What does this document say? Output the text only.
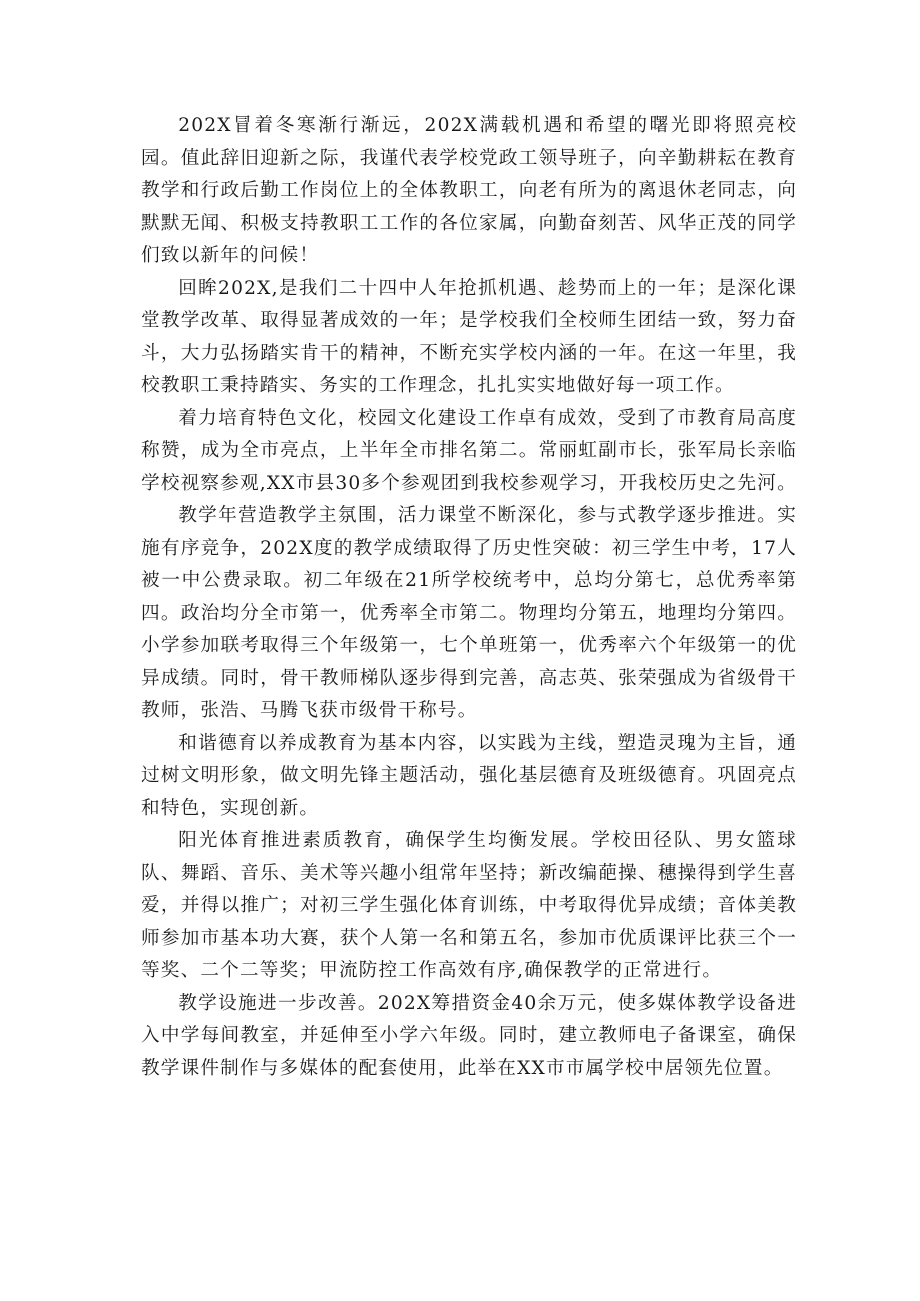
202X冒着冬寒渐行渐远，202X满载机遇和希望的曙光即将照亮校园。值此辞旧迎新之际，我谨代表学校党政工领导班子，向辛勤耕耘在教育教学和行政后勤工作岗位上的全体教职工，向老有所为的离退休老同志，向默默无闻、积极支持教职工工作的各位家属，向勤奋刻苦、风华正茂的同学们致以新年的问候！

回眸202X,是我们二十四中人年抢抓机遇、趁势而上的一年；是深化课堂教学改革、取得显著成效的一年；是学校我们全校师生团结一致，努力奋斗，大力弘扬踏实肯干的精神，不断充实学校内涵的一年。在这一年里，我校教职工秉持踏实、务实的工作理念，扎扎实实地做好每一项工作。

着力培育特色文化，校园文化建设工作卓有成效，受到了市教育局高度称赞，成为全市亮点，上半年全市排名第二。常丽虹副市长，张军局长亲临学校视察参观,XX市县30多个参观团到我校参观学习，开我校历史之先河。

教学年营造教学主氛围，活力课堂不断深化，参与式教学逐步推进。实施有序竞争，202X度的教学成绩取得了历史性突破：初三学生中考，17人被一中公费录取。初二年级在21所学校统考中，总均分第七，总优秀率第四。政治均分全市第一，优秀率全市第二。物理均分第五，地理均分第四。小学参加联考取得三个年级第一，七个单班第一，优秀率六个年级第一的优异成绩。同时，骨干教师梯队逐步得到完善，高志英、张荣强成为省级骨干教师，张浩、马腾飞获市级骨干称号。

和谐德育以养成教育为基本内容，以实践为主线，塑造灵瑰为主旨，通过树文明形象，做文明先锋主题活动，强化基层德育及班级德育。巩固亮点和特色，实现创新。

阳光体育推进素质教育，确保学生均衡发展。学校田径队、男女篮球队、舞蹈、音乐、美术等兴趣小组常年坚持；新改编葩操、穗操得到学生喜爱，并得以推广；对初三学生强化体育训练，中考取得优异成绩；音体美教师参加市基本功大赛，获个人第一名和第五名，参加市优质课评比获三个一等奖、二个二等奖；甲流防控工作高效有序,确保教学的正常进行。

教学设施进一步改善。202X筹措资金40余万元，使多媒体教学设备进入中学每间教室，并延伸至小学六年级。同时，建立教师电子备课室，确保教学课件制作与多媒体的配套使用，此举在XX市市属学校中居领先位置。
